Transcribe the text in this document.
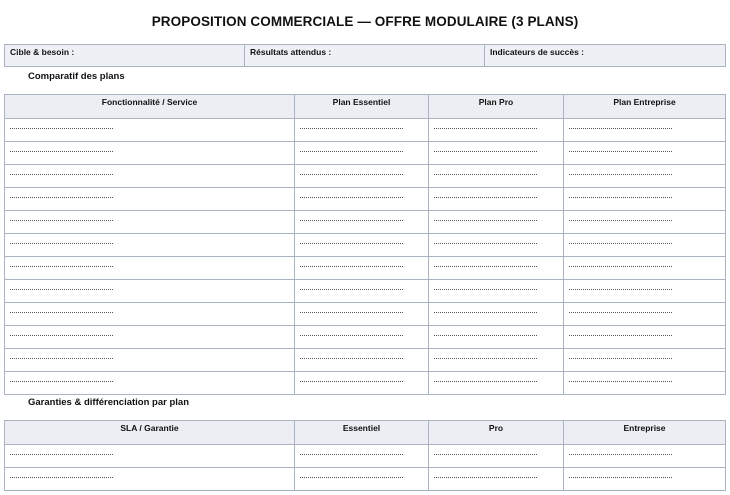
PROPOSITION COMMERCIALE — OFFRE MODULAIRE (3 PLANS)
Cible & besoin :	Résultats attendus :	Indicateurs de succès :
Comparatif des plans
Fonctionnalité / Service	Plan Essentiel	Plan Pro	Plan Entreprise

Garanties & différenciation par plan
SLA / Garantie	Essentiel	Pro	Entreprise
